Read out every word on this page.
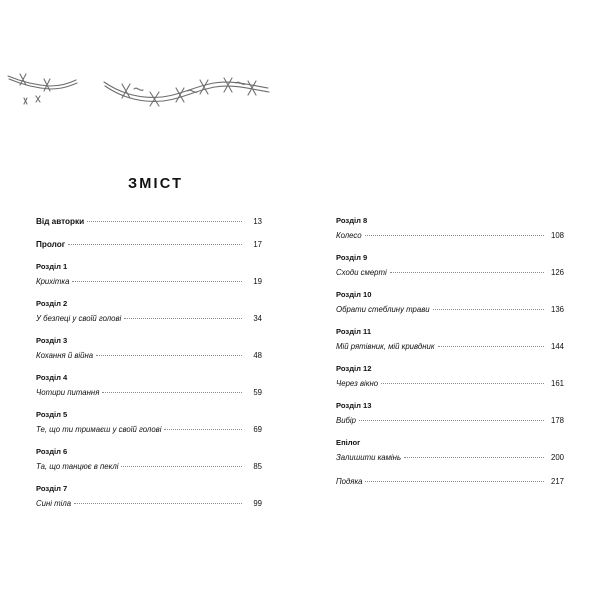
ЗМІСТ
Від авторки	13
Пролог	17
Розділ 1
Крихітка	19
Розділ 2
У безпеці у своїй голові	34
Розділ 3
Кохання й війна	48
Розділ 4
Чотири питання	59
Розділ 5
Те, що ти тримаєш у своїй голові	69
Розділ 6
Та, що танцює в пеклі	85
Розділ 7
Сині тіла	99
Розділ 8
Колесо	108
Розділ 9
Сходи смерті	126
Розділ 10
Обрати стеблину трави	136
Розділ 11
Мій рятівник, мій кривдник	144
Розділ 12
Через вікно	161
Розділ 13
Вибір	178
Епілог
Залишити камінь	200
Подяка	217
